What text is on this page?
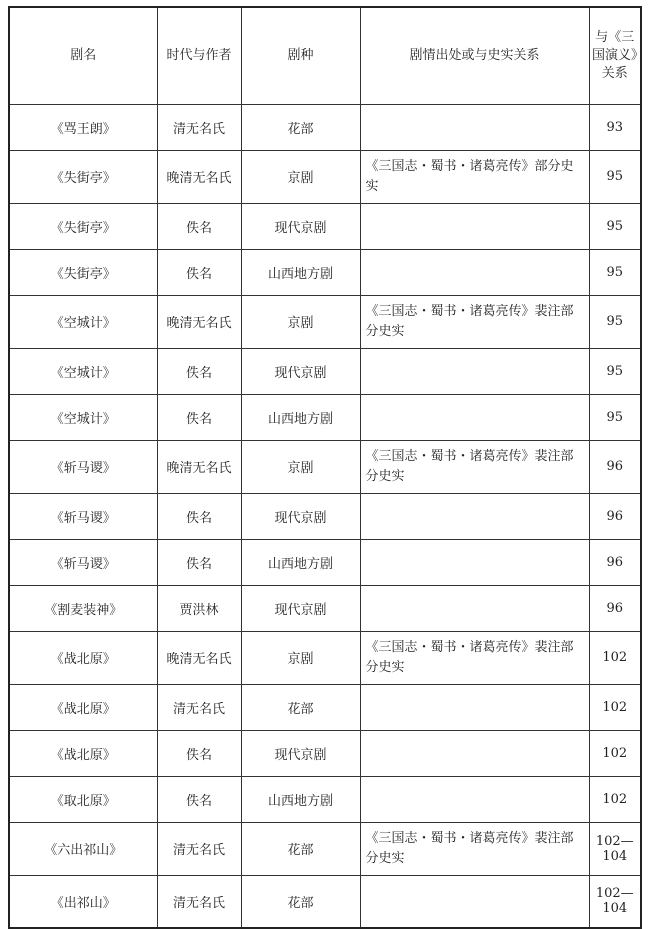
剧名	时代与作者	剧种	剧情出处或与史实关系	与《三国演义》关系
《骂王朗》	清无名氏	花部		93
《失街亭》	晚清无名氏	京剧	《三国志・蜀书・诸葛亮传》部分史实	95
《失街亭》	佚名	现代京剧		95
《失街亭》	佚名	山西地方剧		95
《空城计》	晚清无名氏	京剧	《三国志・蜀书・诸葛亮传》裴注部分史实	95
《空城计》	佚名	现代京剧		95
《空城计》	佚名	山西地方剧		95
《斩马谡》	晚清无名氏	京剧	《三国志・蜀书・诸葛亮传》裴注部分史实	96
《斩马谡》	佚名	现代京剧		96
《斩马谡》	佚名	山西地方剧		96
《割麦装神》	贾洪林	现代京剧		96
《战北原》	晚清无名氏	京剧	《三国志・蜀书・诸葛亮传》裴注部分史实	102
《战北原》	清无名氏	花部		102
《战北原》	佚名	现代京剧		102
《取北原》	佚名	山西地方剧		102
《六出祁山》	清无名氏	花部	《三国志・蜀书・诸葛亮传》裴注部分史实	102—104
《出祁山》	清无名氏	花部		102—104
